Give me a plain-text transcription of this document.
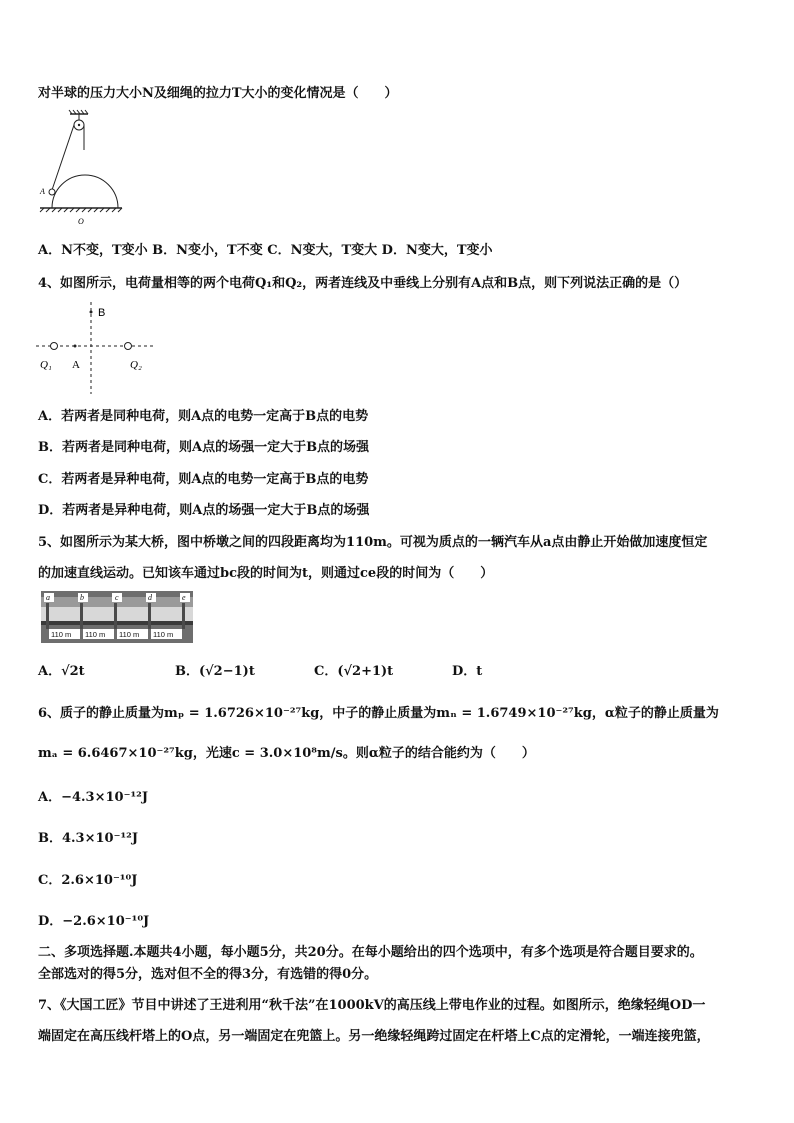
对半球的压力大小N及细绳的拉力T大小的变化情况是（　　）
A
O
A．N不变，T变小 B．N变小，T不变 C．N变大，T变大 D．N变大，T变小
4、如图所示，电荷量相等的两个电荷Q₁和Q₂，两者连线及中垂线上分别有A点和B点，则下列说法正确的是（）
B
Q₁ A	Q₂
A．若两者是同种电荷，则A点的电势一定高于B点的电势
B．若两者是同种电荷，则A点的场强一定大于B点的场强
C．若两者是异种电荷，则A点的电势一定高于B点的电势
D．若两者是异种电荷，则A点的场强一定大于B点的场强
5、如图所示为某大桥，图中桥墩之间的四段距离均为110m。可视为质点的一辆汽车从a点由静止开始做加速度恒定
的加速直线运动。已知该车通过bc段的时间为t，则通过ce段的时间为（　　）
a	b	c	d	e
110 m 110 m 110 m 110 m
A．√2t	B．(√2−1)t	C．(√2+1)t	D．t
6、质子的静止质量为mₚ = 1.6726×10⁻²⁷kg，中子的静止质量为mₙ = 1.6749×10⁻²⁷kg，α粒子的静止质量为
mₐ = 6.6467×10⁻²⁷kg，光速c = 3.0×10⁸m/s。则α粒子的结合能约为（　　）
A．−4.3×10⁻¹²J
B．4.3×10⁻¹²J
C．2.6×10⁻¹⁰J
D．−2.6×10⁻¹⁰J
二、多项选择题.本题共4小题，每小题5分，共20分。在每小题给出的四个选项中，有多个选项是符合题目要求的。
全部选对的得5分，选对但不全的得3分，有选错的得0分。
7、《大国工匠》节目中讲述了王进利用“秋千法”在1000kV的高压线上带电作业的过程。如图所示，绝缘轻绳OD一
端固定在高压线杆塔上的O点，另一端固定在兜篮上。另一绝缘轻绳跨过固定在杆塔上C点的定滑轮，一端连接兜篮，
